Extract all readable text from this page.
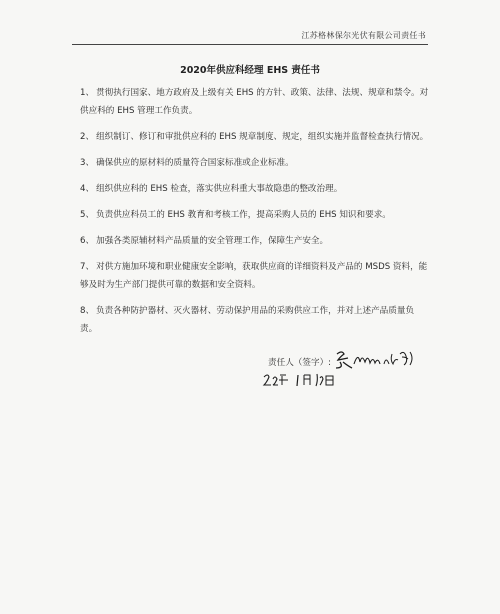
江苏格林保尔光伏有限公司责任书
2020年供应科经理 EHS 责任书

1、 贯彻执行国家、地方政府及上级有关 EHS 的方针、政策、法律、法规、规章和禁令。对供应科的 EHS 管理工作负责。

2、 组织制订、修订和审批供应科的 EHS 规章制度、规定，组织实施并监督检查执行情况。

3、 确保供应的原材料的质量符合国家标准或企业标准。

4、 组织供应科的 EHS 检查，落实供应科重大事故隐患的整改治理。

5、 负责供应科员工的 EHS 教育和考核工作，提高采购人员的 EHS 知识和要求。

6、 加强各类原辅材料产品质量的安全管理工作，保障生产安全。

7、 对供方施加环境和职业健康安全影响，获取供应商的详细资料及产品的 MSDS 资料，能够及时为生产部门提供可靠的数据和安全资料。

8、 负责各种防护器材、灭火器材、劳动保护用品的采购供应工作，并对上述产品质量负责。

责任人（签字）:
